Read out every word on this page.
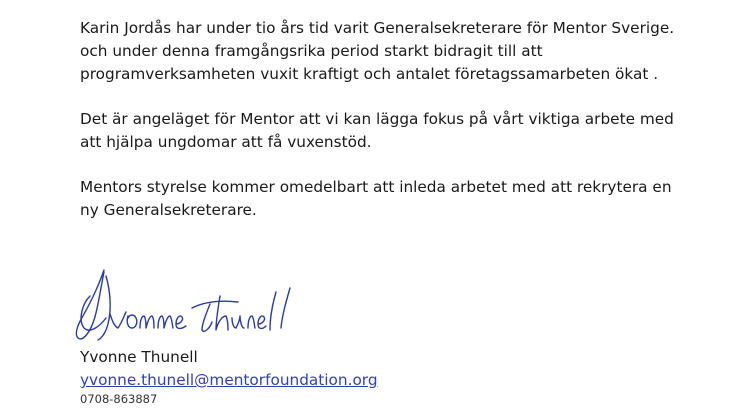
Karin Jordås har under tio års tid varit Generalsekreterare för Mentor Sverige.
och under denna framgångsrika period starkt bidragit till att
programverksamheten vuxit kraftigt och antalet företagssamarbeten ökat .

Det är angeläget för Mentor att vi kan lägga fokus på vårt viktiga arbete med
att hjälpa ungdomar att få vuxenstöd.

Mentors styrelse kommer omedelbart att inleda arbetet med att rekrytera en
ny Generalsekreterare.

Yvonne Thunell
yvonne.thunell@mentorfoundation.org
0708-863887
